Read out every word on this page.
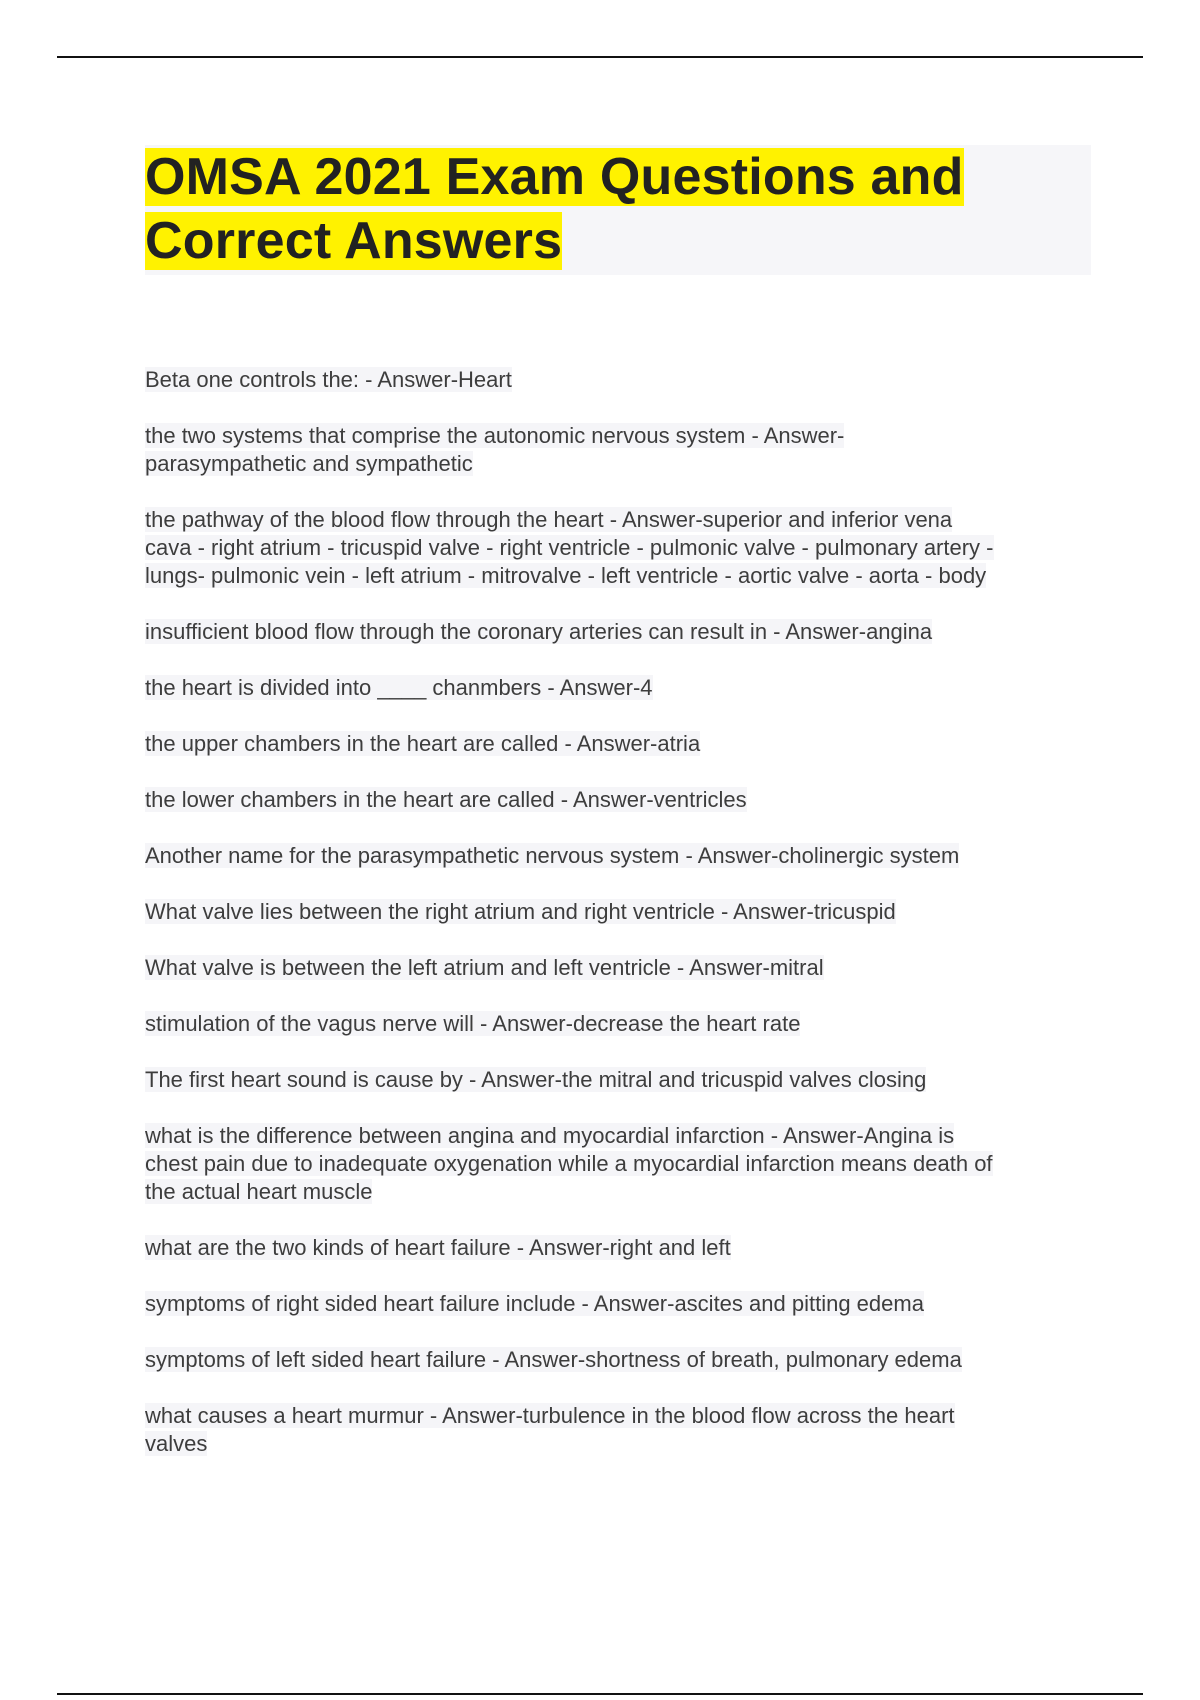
OMSA 2021 Exam Questions and Correct Answers
Beta one controls the: - Answer-Heart
the two systems that comprise the autonomic nervous system - Answer-
parasympathetic and sympathetic
the pathway of the blood flow through the heart - Answer-superior and inferior vena
cava - right atrium - tricuspid valve - right ventricle - pulmonic valve - pulmonary artery -
lungs- pulmonic vein - left atrium - mitrovalve - left ventricle - aortic valve - aorta - body
insufficient blood flow through the coronary arteries can result in - Answer-angina
the heart is divided into ____ chanmbers - Answer-4
the upper chambers in the heart are called - Answer-atria
the lower chambers in the heart are called - Answer-ventricles
Another name for the parasympathetic nervous system - Answer-cholinergic system
What valve lies between the right atrium and right ventricle - Answer-tricuspid
What valve is between the left atrium and left ventricle - Answer-mitral
stimulation of the vagus nerve will - Answer-decrease the heart rate
The first heart sound is cause by - Answer-the mitral and tricuspid valves closing
what is the difference between angina and myocardial infarction - Answer-Angina is
chest pain due to inadequate oxygenation while a myocardial infarction means death of
the actual heart muscle
what are the two kinds of heart failure - Answer-right and left
symptoms of right sided heart failure include - Answer-ascites and pitting edema
symptoms of left sided heart failure - Answer-shortness of breath, pulmonary edema
what causes a heart murmur - Answer-turbulence in the blood flow across the heart
valves
